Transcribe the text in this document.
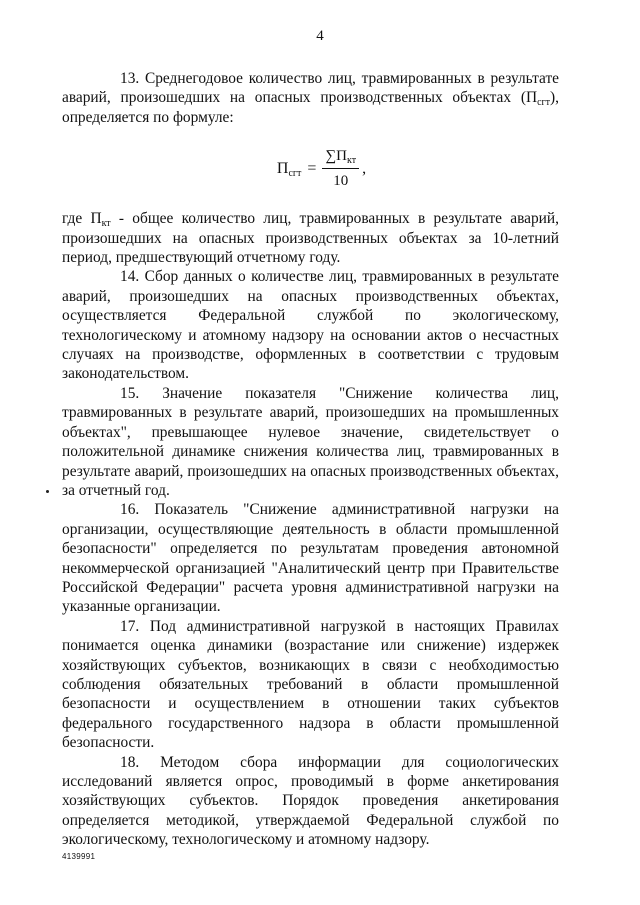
4

13. Среднегодовое количество лиц, травмированных в результате аварий, произошедших на опасных производственных объектах $(П_{сгт})$, определяется по формуле:

$П_{сгт} = \frac{\sum П_{кт}}{10}$ ,

где $П_{кт}$ - общее количество лиц, травмированных в результате аварий, произошедших на опасных производственных объектах за 10-летний период, предшествующий отчетному году.

14. Сбор данных о количестве лиц, травмированных в результате аварий, произошедших на опасных производственных объектах, осуществляется Федеральной службой по экологическому, технологическому и атомному надзору на основании актов о несчастных случаях на производстве, оформленных в соответствии с трудовым законодательством.

15. Значение показателя "Снижение количества лиц, травмированных в результате аварий, произошедших на промышленных объектах", превышающее нулевое значение, свидетельствует о положительной динамике снижения количества лиц, травмированных в результате аварий, произошедших на опасных производственных объектах, за отчетный год.

16. Показатель "Снижение административной нагрузки на организации, осуществляющие деятельность в области промышленной безопасности" определяется по результатам проведения автономной некоммерческой организацией "Аналитический центр при Правительстве Российской Федерации" расчета уровня административной нагрузки на указанные организации.

17. Под административной нагрузкой в настоящих Правилах понимается оценка динамики (возрастание или снижение) издержек хозяйствующих субъектов, возникающих в связи с необходимостью соблюдения обязательных требований в области промышленной безопасности и осуществлением в отношении таких субъектов федерального государственного надзора в области промышленной безопасности.

18. Методом сбора информации для социологических исследований является опрос, проводимый в форме анкетирования хозяйствующих субъектов. Порядок проведения анкетирования определяется методикой, утверждаемой Федеральной службой по экологическому, технологическому и атомному надзору.

4139991
